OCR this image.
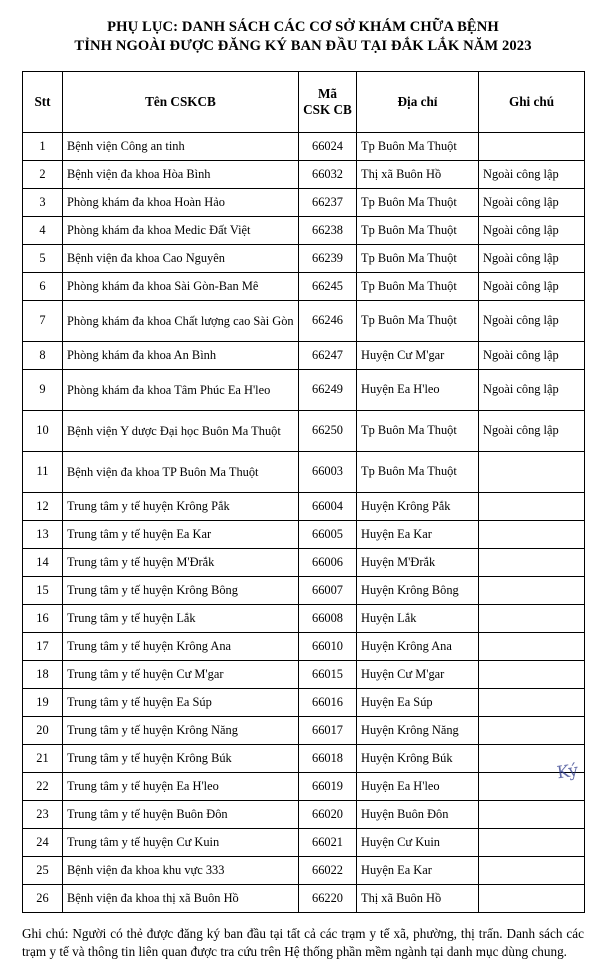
PHỤ LỤC: DANH SÁCH CÁC CƠ SỞ KHÁM CHỮA BỆNH
TỈNH NGOÀI ĐƯỢC ĐĂNG KÝ BAN ĐẦU TẠI ĐẮK LẮK NĂM 2023
Stt	Tên CSKCB	Mã CSK CB	Địa chỉ	Ghi chú
1	Bệnh viện Công an tinh	66024	Tp Buôn Ma Thuột	
2	Bệnh viện đa khoa Hòa Bình	66032	Thị xã Buôn Hồ	Ngoài công lập
3	Phòng khám đa khoa Hoàn Hảo	66237	Tp Buôn Ma Thuột	Ngoài công lập
4	Phòng khám đa khoa Medic Đất Việt	66238	Tp Buôn Ma Thuột	Ngoài công lập
5	Bệnh viện đa khoa Cao Nguyên	66239	Tp Buôn Ma Thuột	Ngoài công lập
6	Phòng khám đa khoa Sài Gòn-Ban Mê	66245	Tp Buôn Ma Thuột	Ngoài công lập
7	Phòng khám đa khoa Chất lượng cao Sài Gòn	66246	Tp Buôn Ma Thuột	Ngoài công lập
8	Phòng khám đa khoa An Bình	66247	Huyện Cư M'gar	Ngoài công lập
9	Phòng khám đa khoa Tâm Phúc Ea H'leo	66249	Huyện Ea H'leo	Ngoài công lập
10	Bệnh viện Y dược Đại học Buôn Ma Thuột	66250	Tp Buôn Ma Thuột	Ngoài công lập
11	Bệnh viện đa khoa TP Buôn Ma Thuột	66003	Tp Buôn Ma Thuột	
12	Trung tâm y tế huyện Krông Pắk	66004	Huyện Krông Pắk	
13	Trung tâm y tế huyện Ea Kar	66005	Huyện Ea Kar	
14	Trung tâm y tế huyện M'Đrắk	66006	Huyện M'Đrắk	
15	Trung tâm y tế huyện Krông Bông	66007	Huyện Krông Bông	
16	Trung tâm y tế huyện Lắk	66008	Huyện Lắk	
17	Trung tâm y tế huyện Krông Ana	66010	Huyện Krông Ana	
18	Trung tâm y tế huyện Cư M'gar	66015	Huyện Cư M'gar	
19	Trung tâm y tế huyện Ea Súp	66016	Huyện Ea Súp	
20	Trung tâm y tế huyện Krông Năng	66017	Huyện Krông Năng	
21	Trung tâm y tế huyện Krông Búk	66018	Huyện Krông Búk	
22	Trung tâm y tế huyện Ea H'leo	66019	Huyện Ea H'leo	
23	Trung tâm y tế huyện Buôn Đôn	66020	Huyện Buôn Đôn	
24	Trung tâm y tế huyện Cư Kuin	66021	Huyện Cư Kuin	
25	Bệnh viện đa khoa khu vực 333	66022	Huyện Ea Kar	
26	Bệnh viện đa khoa thị xã Buôn Hồ	66220	Thị xã Buôn Hồ	
Ghi chú: Người có thẻ được đăng ký ban đầu tại tất cả các trạm y tế xã, phường, thị trấn. Danh sách các trạm y tế và thông tin liên quan được tra cứu trên Hệ thống phần mềm ngành tại danh mục dùng chung.
Ký
